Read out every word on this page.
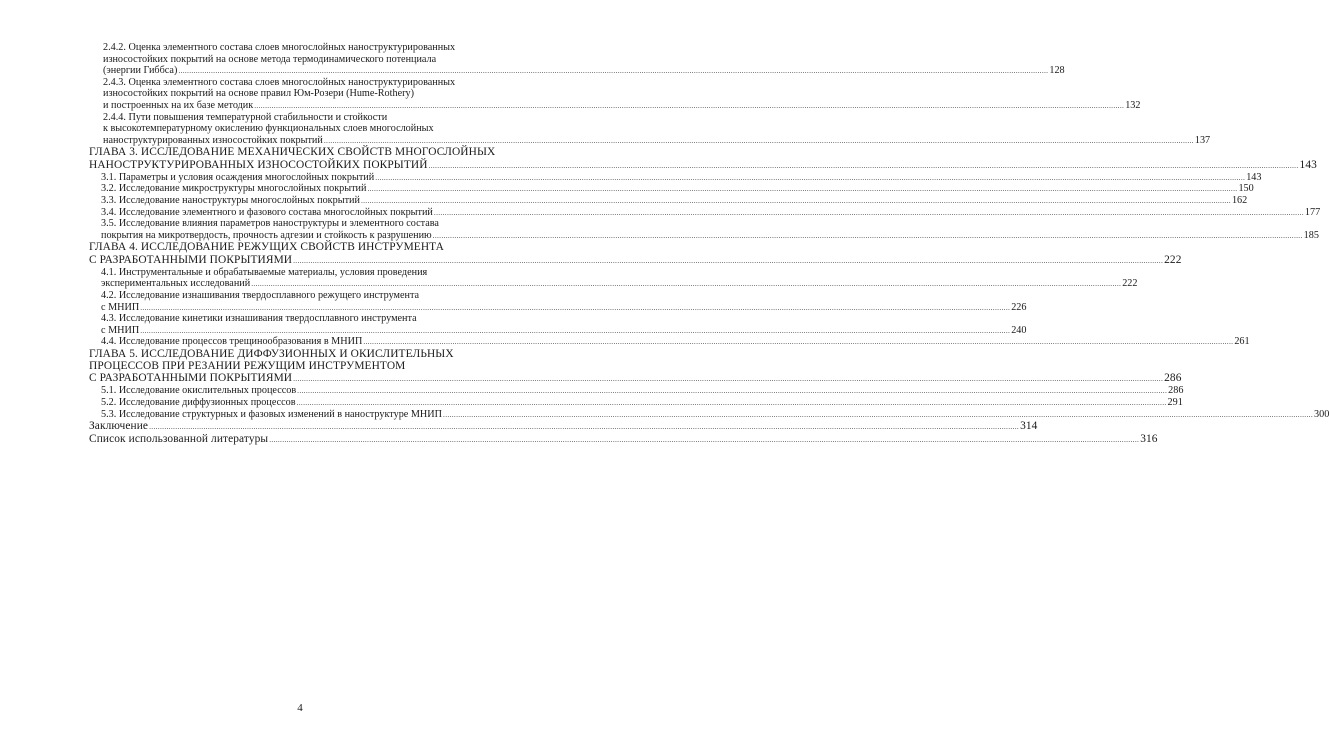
2.4.2. Оценка элементного состава слоев многослойных наноструктурированных
износостойких покрытий на основе метода термодинамического потенциала
(энергии Гиббса) ................................................................................................................................................................................................................................................................................................................................................................................................................ 128
2.4.3. Оценка элементного состава слоев многослойных наноструктурированных
износостойких покрытий на основе правил Юм-Розери (Hume-Rothery)
и построенных на их базе методик ................................................................................................................................................................................................................................................................................................................................................................................................................ 132
2.4.4. Пути повышения температурной стабильности и стойкости
к высокотемпературному окислению функциональных слоев многослойных
наноструктурированных износостойких покрытий ................................................................................................................................................................................................................................................................................................................................................................................................................ 137
ГЛАВА 3. ИССЛЕДОВАНИЕ МЕХАНИЧЕСКИХ СВОЙСТВ МНОГОСЛОЙНЫХ
НАНОСТРУКТУРИРОВАННЫХ ИЗНОСОСТОЙКИХ ПОКРЫТИЙ ................................................................................................................................................................................................................................................................................................................................................................................................................ 143
3.1. Параметры и условия осаждения многослойных покрытий ................................................................................................................................................................................................................................................................................................................................................................................................................ 143
3.2. Исследование микроструктуры многослойных покрытий ................................................................................................................................................................................................................................................................................................................................................................................................................ 150
3.3. Исследование наноструктуры многослойных покрытий ................................................................................................................................................................................................................................................................................................................................................................................................................ 162
3.4. Исследование элементного и фазового состава многослойных покрытий ................................................................................................................................................................................................................................................................................................................................................................................................................ 177
3.5. Исследование влияния параметров наноструктуры и элементного состава
покрытия на микротвердость, прочность адгезии и стойкость к разрушению ................................................................................................................................................................................................................................................................................................................................................................................................................ 185
ГЛАВА 4. ИССЛЕДОВАНИЕ РЕЖУЩИХ СВОЙСТВ ИНСТРУМЕНТА
С РАЗРАБОТАННЫМИ ПОКРЫТИЯМИ ................................................................................................................................................................................................................................................................................................................................................................................................................ 222
4.1. Инструментальные и обрабатываемые материалы, условия проведения
экспериментальных исследований ................................................................................................................................................................................................................................................................................................................................................................................................................ 222
4.2. Исследование изнашивания твердосплавного режущего инструмента
с МНИП ................................................................................................................................................................................................................................................................................................................................................................................................................ 226
4.3. Исследование кинетики изнашивания твердосплавного инструмента
с МНИП ................................................................................................................................................................................................................................................................................................................................................................................................................ 240
4.4. Исследование процессов трещинообразования в МНИП ................................................................................................................................................................................................................................................................................................................................................................................................................ 261
ГЛАВА 5. ИССЛЕДОВАНИЕ ДИФФУЗИОННЫХ И ОКИСЛИТЕЛЬНЫХ
ПРОЦЕССОВ ПРИ РЕЗАНИИ РЕЖУЩИМ ИНСТРУМЕНТОМ
С РАЗРАБОТАННЫМИ ПОКРЫТИЯМИ ................................................................................................................................................................................................................................................................................................................................................................................................................ 286
5.1. Исследование окислительных процессов ................................................................................................................................................................................................................................................................................................................................................................................................................ 286
5.2. Исследование диффузионных процессов ................................................................................................................................................................................................................................................................................................................................................................................................................ 291
5.3. Исследование структурных и фазовых изменений в наноструктуре МНИП ................................................................................................................................................................................................................................................................................................................................................................................................................ 300
Заключение ................................................................................................................................................................................................................................................................................................................................................................................................................ 314
Список использованной литературы ................................................................................................................................................................................................................................................................................................................................................................................................................ 316
4
